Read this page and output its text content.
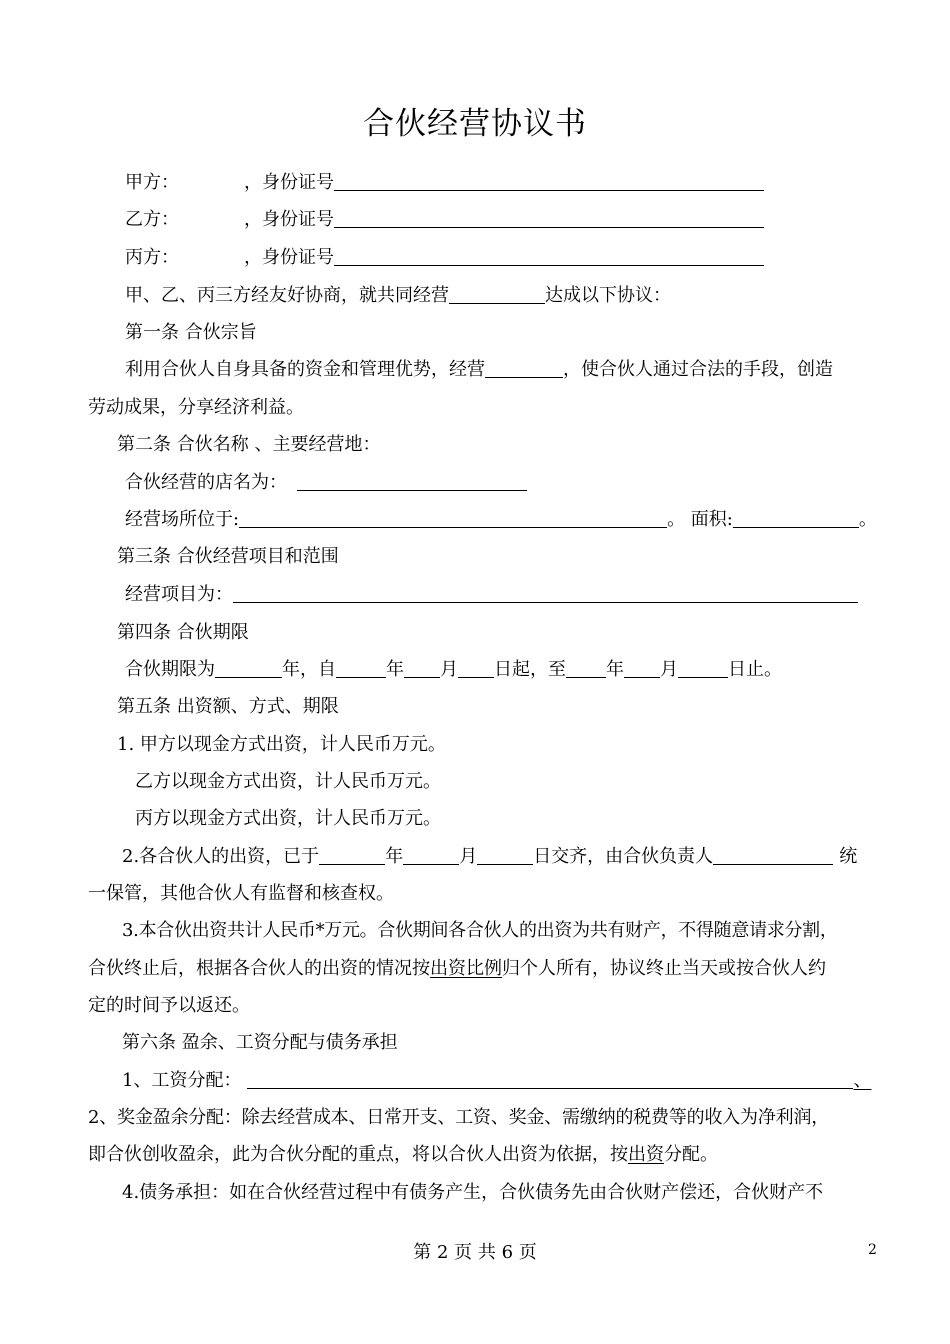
合伙经营协议书
甲方：	，身份证号
乙方：	，身份证号
丙方：	，身份证号
甲、乙、丙三方经友好协商，就共同经营	达成以下协议：
第一条 合伙宗旨
利用合伙人自身具备的资金和管理优势，经营	，使合伙人通过合法的手段，创造
劳动成果，分享经济利益。
第二条 合伙名称 、主要经营地：
合伙经营的店名为：
经营场所位于:	。 面积:	。
第三条 合伙经营项目和范围
经营项目为：
第四条 合伙期限
合伙期限为	年，自	年 月 日起，至 年 月	日止。
第五条 出资额、方式、期限
1. 甲方以现金方式出资，计人民币万元。
乙方以现金方式出资，计人民币万元。
丙方以现金方式出资，计人民币万元。
2.各合伙人的出资，已于	年	月	日交齐，由合伙负责人	统
一保管，其他合伙人有监督和核查权。
3.本合伙出资共计人民币*万元。合伙期间各合伙人的出资为共有财产，不得随意请求分割，
合伙终止后，根据各合伙人的出资的情况按出资比例归个人所有，协议终止当天或按合伙人约
定的时间予以返还。
第六条 盈余、工资分配与债务承担
1、工资分配：	、
2、奖金盈余分配：除去经营成本、日常开支、工资、奖金、需缴纳的税费等的收入为净利润，
即合伙创收盈余，此为合伙分配的重点，将以合伙人出资为依据，按出资分配。
4.债务承担：如在合伙经营过程中有债务产生，合伙债务先由合伙财产偿还，合伙财产不
第 2 页 共 6 页	2
